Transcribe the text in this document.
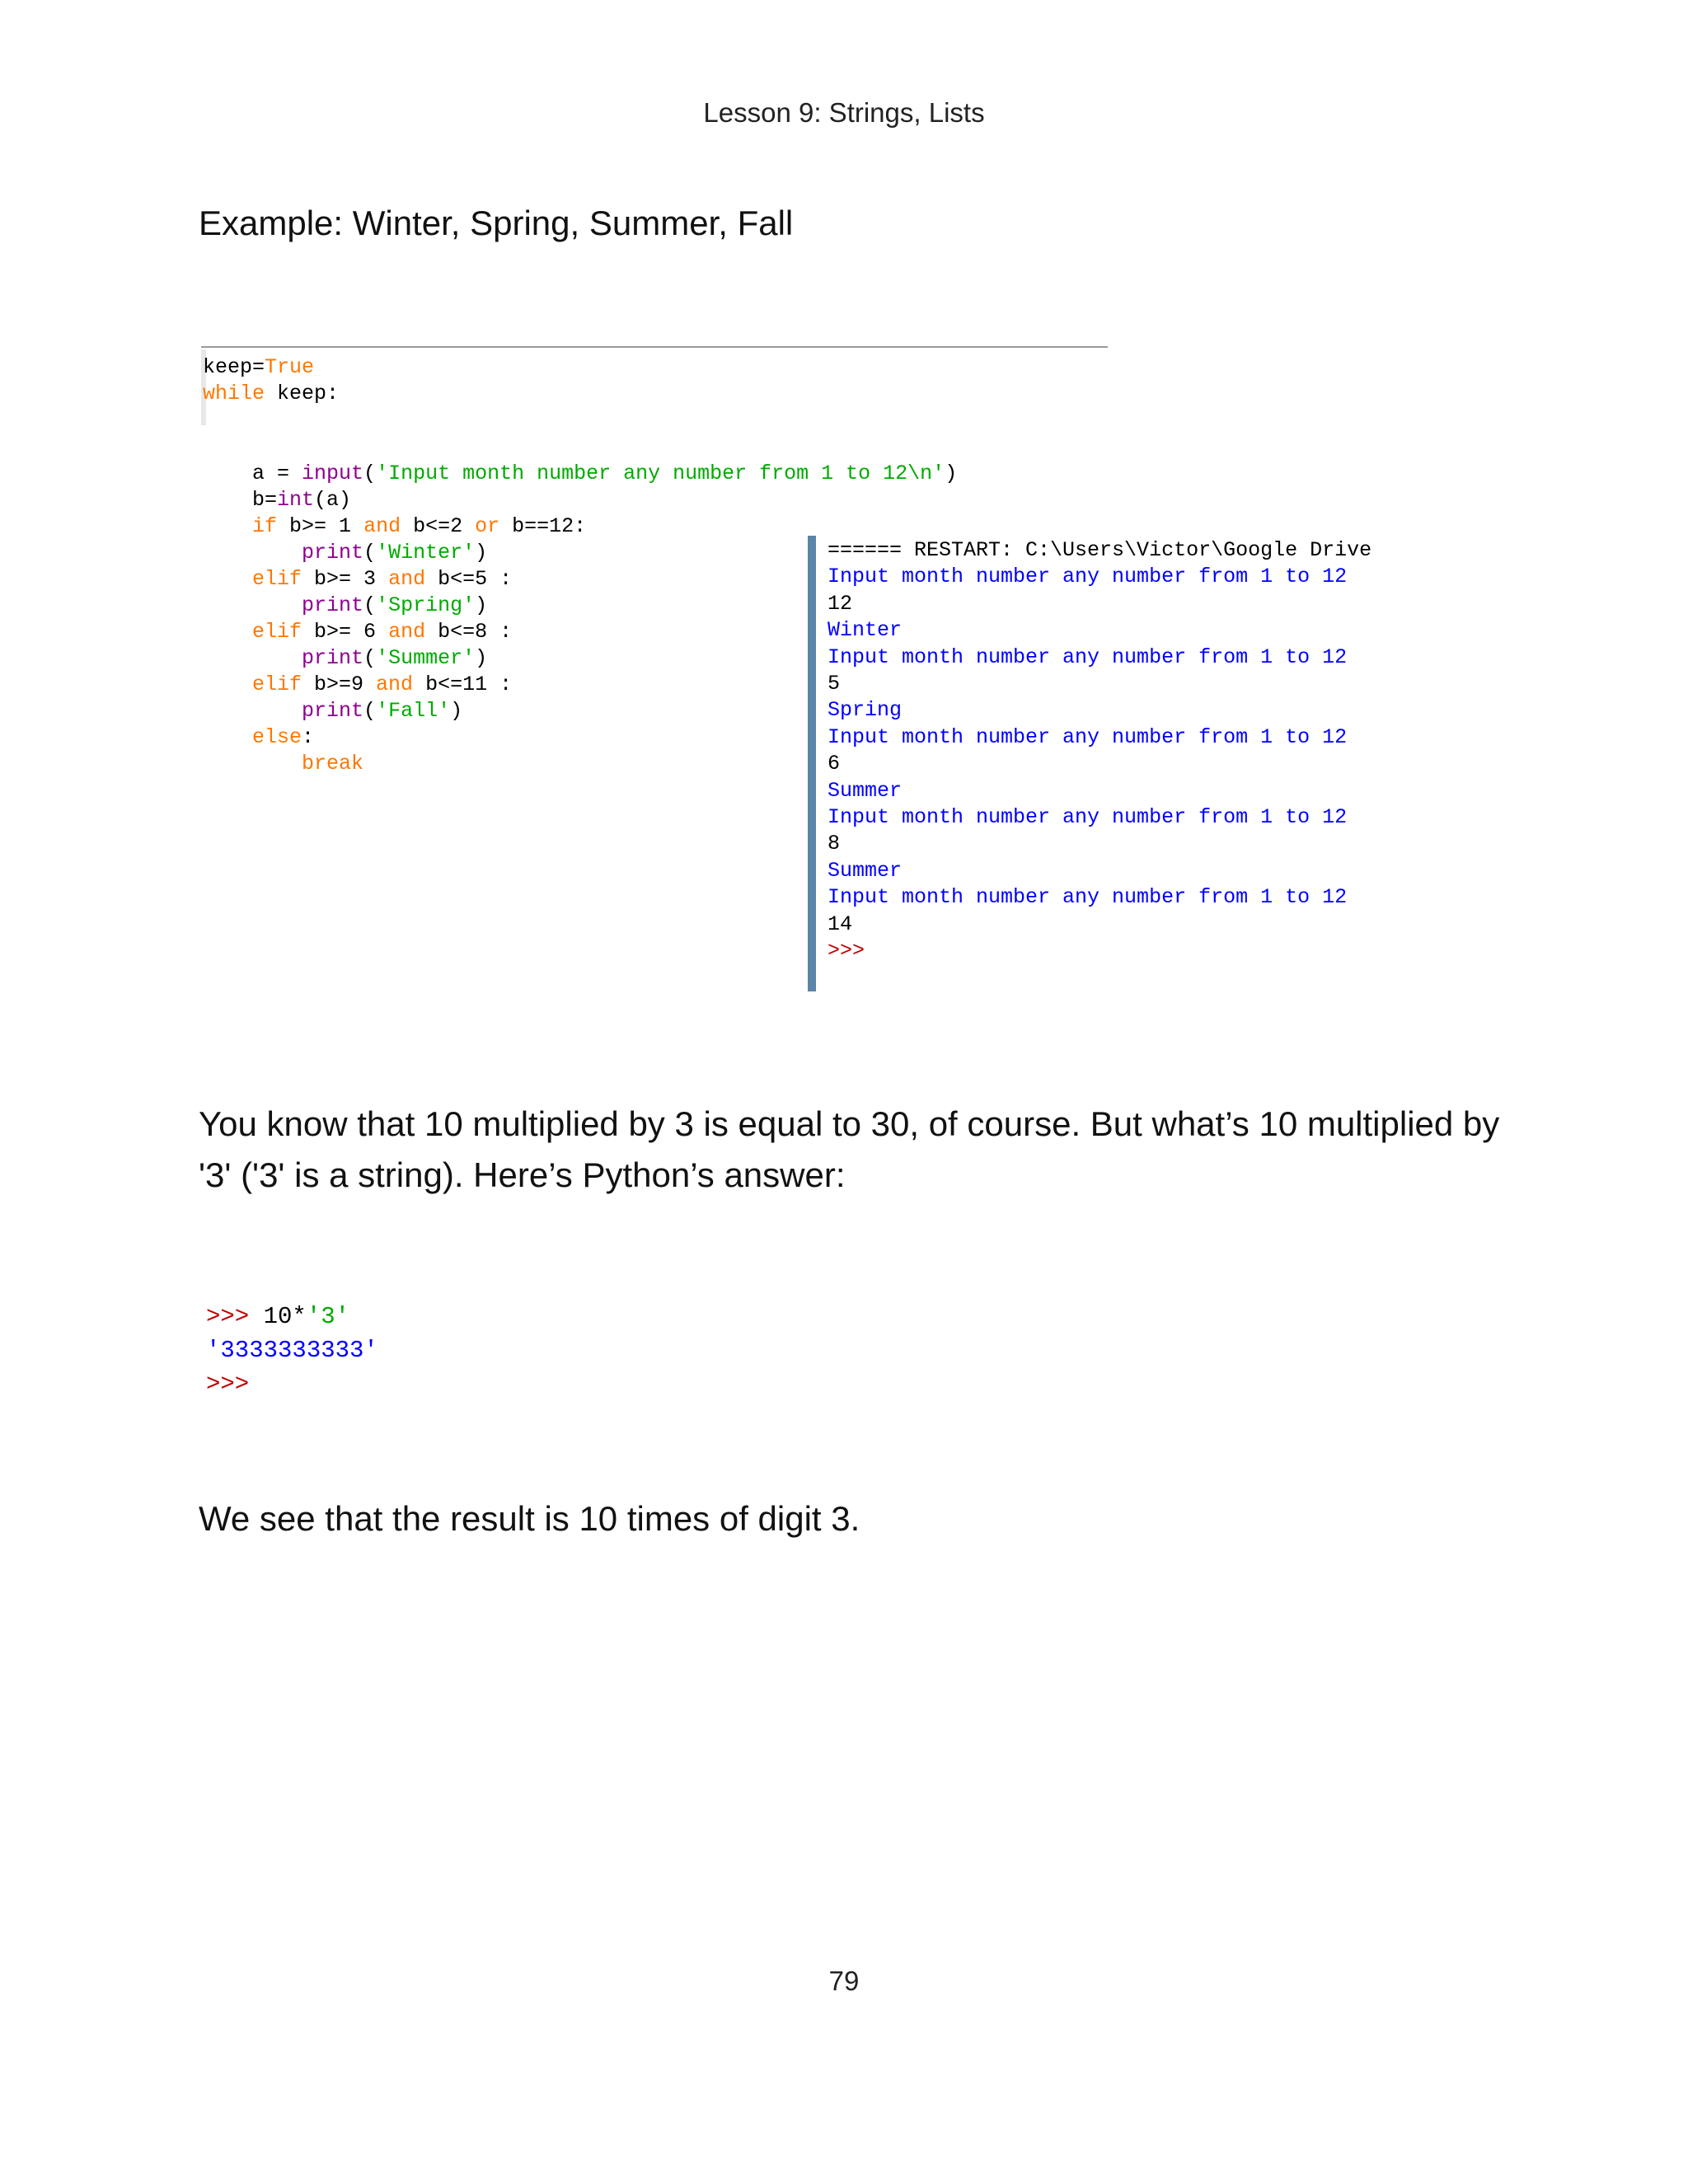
Lesson 9: Strings, Lists

Example: Winter, Spring, Summer, Fall

keep=True
while keep:
a = input('Input month number any number from 1 to 12\n')
b=int(a)
if b>= 1 and b<=2 or b==12:
print('Winter')
elif b>= 3 and b<=5 :
print('Spring')
elif b>= 6 and b<=8 :
print('Summer')
elif b>=9 and b<=11 :
print('Fall')
else:
break
====== RESTART: C:\Users\Victor\Google Drive
Input month number any number from 1 to 12
12
Winter
Input month number any number from 1 to 12
5
Spring
Input month number any number from 1 to 12
6
Summer
Input month number any number from 1 to 12
8
Summer
Input month number any number from 1 to 12
14
>>>

You know that 10 multiplied by 3 is equal to 30, of course. But what’s 10 multiplied by '3' ('3' is a string). Here’s Python’s answer:

>>> 10*'3'
'3333333333'
>>>

We see that the result is 10 times of digit 3.

79
